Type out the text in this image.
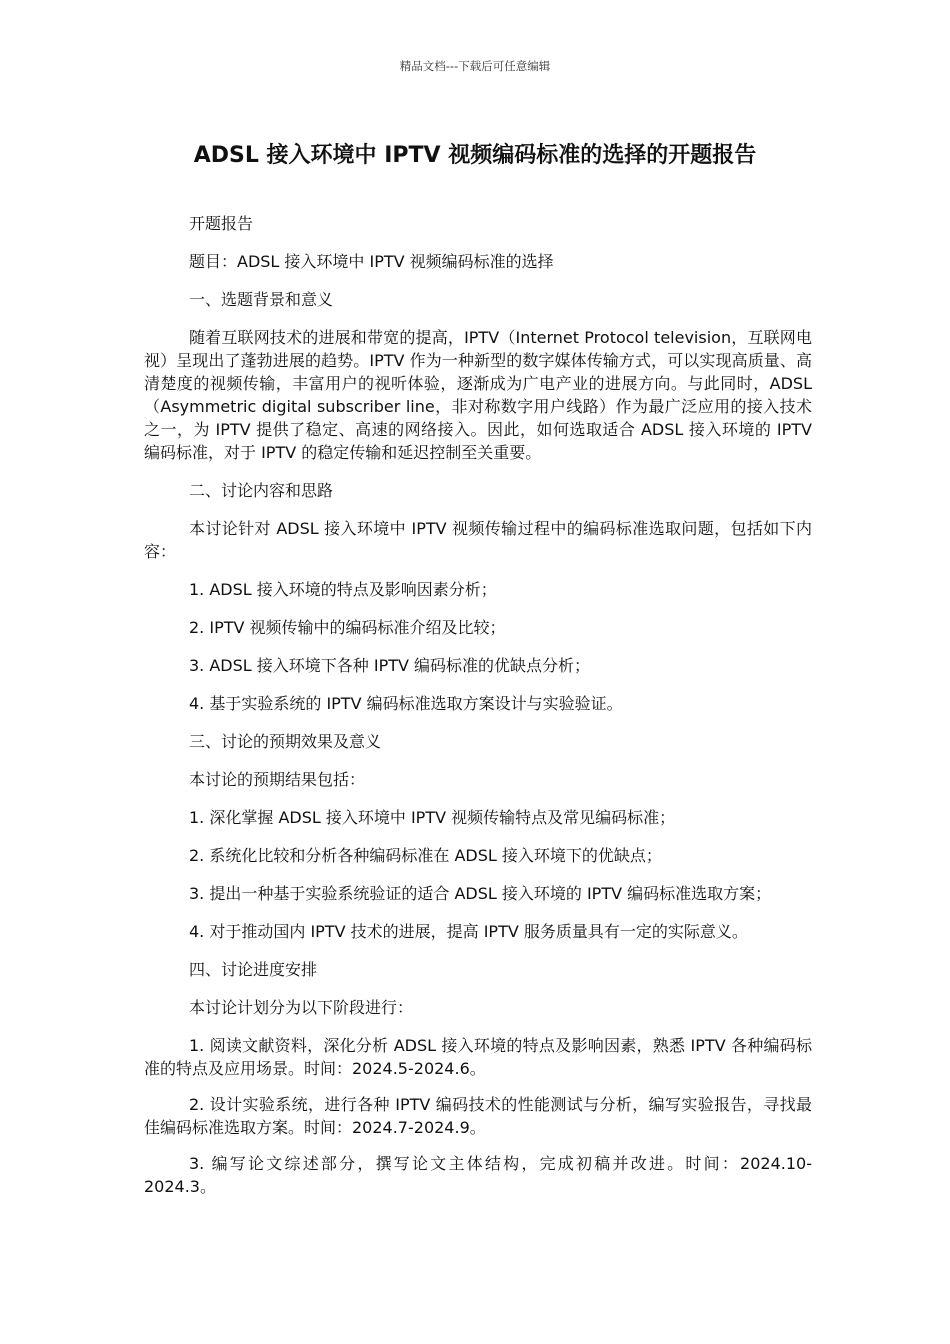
精品文档---下载后可任意编辑
ADSL 接入环境中 IPTV 视频编码标准的选择的开题报告

开题报告

题目：ADSL 接入环境中 IPTV 视频编码标准的选择

一、选题背景和意义

随着互联网技术的进展和带宽的提高，IPTV（Internet Protocol television，互联网电视）呈现出了蓬勃进展的趋势。IPTV 作为一种新型的数字媒体传输方式，可以实现高质量、高清楚度的视频传输，丰富用户的视听体验，逐渐成为广电产业的进展方向。与此同时，ADSL（Asymmetric digital subscriber line，非对称数字用户线路）作为最广泛应用的接入技术之一，为 IPTV 提供了稳定、高速的网络接入。因此，如何选取适合 ADSL 接入环境的 IPTV 编码标准，对于 IPTV 的稳定传输和延迟控制至关重要。

二、讨论内容和思路

本讨论针对 ADSL 接入环境中 IPTV 视频传输过程中的编码标准选取问题，包括如下内容：

1. ADSL 接入环境的特点及影响因素分析；

2. IPTV 视频传输中的编码标准介绍及比较；

3. ADSL 接入环境下各种 IPTV 编码标准的优缺点分析；

4. 基于实验系统的 IPTV 编码标准选取方案设计与实验验证。

三、讨论的预期效果及意义

本讨论的预期结果包括：

1. 深化掌握 ADSL 接入环境中 IPTV 视频传输特点及常见编码标准；

2. 系统化比较和分析各种编码标准在 ADSL 接入环境下的优缺点；

3. 提出一种基于实验系统验证的适合 ADSL 接入环境的 IPTV 编码标准选取方案；

4. 对于推动国内 IPTV 技术的进展，提高 IPTV 服务质量具有一定的实际意义。

四、讨论进度安排

本讨论计划分为以下阶段进行：

1. 阅读文献资料，深化分析 ADSL 接入环境的特点及影响因素，熟悉 IPTV 各种编码标准的特点及应用场景。时间：2024.5-2024.6。

2. 设计实验系统，进行各种 IPTV 编码技术的性能测试与分析，编写实验报告，寻找最佳编码标准选取方案。时间：2024.7-2024.9。

3. 编写论文综述部分，撰写论文主体结构，完成初稿并改进。时间：2024.10-2024.3。
